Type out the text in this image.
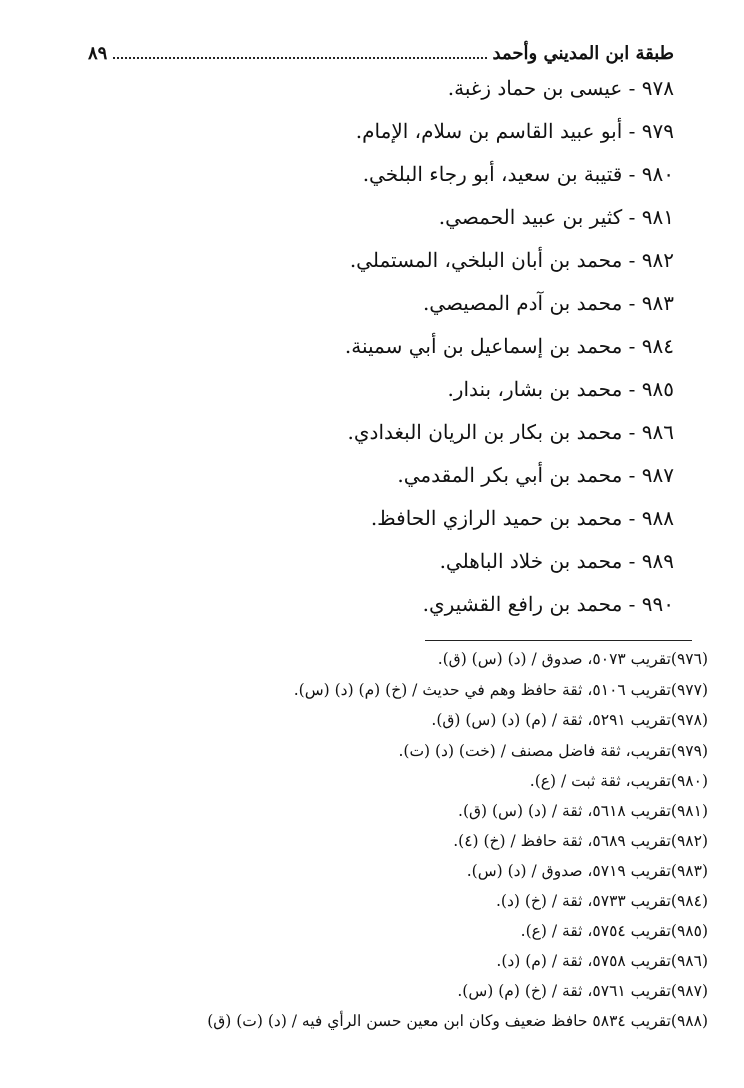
طبقة ابن المديني وأحمد
٨٩
٩٧٨ - عيسى بن حماد زغبة.
٩٧٩ - أبو عبيد القاسم بن سلام، الإمام.
٩٨٠ - قتيبة بن سعيد، أبو رجاء البلخي.
٩٨١ - كثير بن عبيد الحمصي.
٩٨٢ - محمد بن أبان البلخي، المستملي.
٩٨٣ - محمد بن آدم المصيصي.
٩٨٤ - محمد بن إسماعيل بن أبي سمينة.
٩٨٥ - محمد بن بشار، بندار.
٩٨٦ - محمد بن بكار بن الريان البغدادي.
٩٨٧ - محمد بن أبي بكر المقدمي.
٩٨٨ - محمد بن حميد الرازي الحافظ.
٩٨٩ - محمد بن خلاد الباهلي.
٩٩٠ - محمد بن رافع القشيري.
(٩٧٦)تقريب ٥٠٧٣، صدوق / (د) (س) (ق).
(٩٧٧)تقريب ٥١٠٦، ثقة حافظ وهم في حديث / (خ) (م) (د) (س).
(٩٧٨)تقريب ٥٢٩١، ثقة / (م) (د) (س) (ق).
(٩٧٩)تقريب، ثقة فاضل مصنف / (خت) (د) (ت).
(٩٨٠)تقريب، ثقة ثبت / (ع).
(٩٨١)تقريب ٥٦١٨، ثقة / (د) (س) (ق).
(٩٨٢)تقريب ٥٦٨٩، ثقة حافظ / (خ) (٤).
(٩٨٣)تقريب ٥٧١٩، صدوق / (د) (س).
(٩٨٤)تقريب ٥٧٣٣، ثقة / (خ) (د).
(٩٨٥)تقريب ٥٧٥٤، ثقة / (ع).
(٩٨٦)تقريب ٥٧٥٨، ثقة / (م) (د).
(٩٨٧)تقريب ٥٧٦١، ثقة / (خ) (م) (س).
(٩٨٨)تقريب ٥٨٣٤ حافظ ضعيف وكان ابن معين حسن الرأي فيه / (د) (ت) (ق)
